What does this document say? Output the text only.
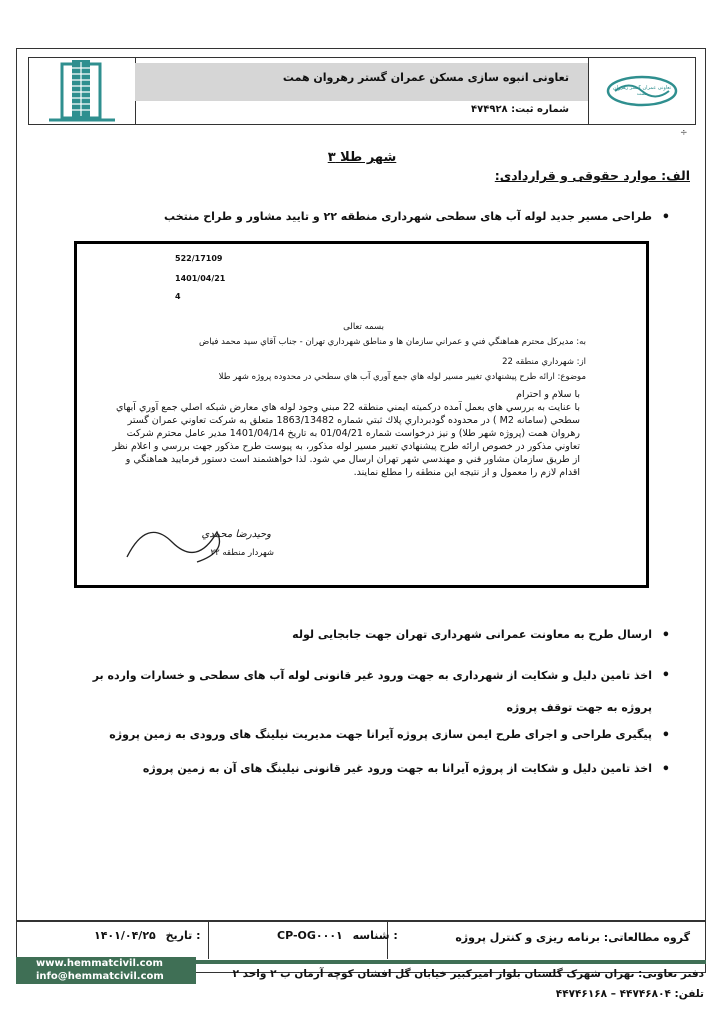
تعاونی انبوه سازی مسکن عمران گستر رهروان همت
شماره ثبت: ۴۷۴۹۲۸
تعاونی عمران گستر رهروان همت
÷
شهر طلا ۳
الف: موارد حقوقی و قراردادی:
•
طراحی مسیر جدید لوله آب های سطحی شهرداری منطقه ۲۲ و تایید مشاور و طراح منتخب
522/17109
1401/04/21
4
بسمه تعالی
به: مديركل محترم هماهنگي فني و عمراني سازمان ها و مناطق شهرداري تهران - جناب آقاي سيد محمد فياض
از: شهرداري منطقه 22
موضوع: ارائه طرح پيشنهادي تغيير مسير لوله هاي جمع آوري آب هاي سطحي در محدوده پروژه شهر طلا
با سلام و احترام
با عنايت به بررسي هاي بعمل آمده دركميته ايمني منطقه 22 مبني وجود لوله هاي معارض شبكه اصلي جمع آوري آبهاي سطحي (سامانه M2 ) در محدوده گودبرداري پلاك ثبتي شماره 1863/13482 متعلق به شركت تعاوني عمران گستر رهروان همت (پروژه شهر طلا) و نيز درخواست شماره 01/04/21 به تاريخ 1401/04/14 مدير عامل محترم شركت تعاوني مذكور در خصوص ارائه طرح پيشنهادي تغيير مسير لوله مذكور، به پيوست طرح مذكور جهت بررسي و اعلام نظر از طريق سازمان مشاور فني و مهندسي شهر تهران ارسال مي شود. لذا خواهشمند است دستور فرماييد هماهنگي و اقدام لازم را معمول و از نتيجه اين منطقه را مطلع نمايند.
وحيدرضا محمدي
شهردار منطقه ٢٢
•
ارسال طرح به معاونت عمرانی شهرداری تهران جهت جابجایی لوله
•
اخذ تامین دلیل و شکایت از شهرداری به جهت ورود غیر قانونی لوله آب های سطحی و خسارات وارده بر پروژه به جهت توقف پروژه
•
پیگیری طراحی و اجرای طرح ایمن سازی پروژه آیرانا جهت مدیریت نیلینگ های ورودی به زمین پروژه
•
اخذ تامین دلیل و شکایت از پروژه آیرانا به جهت ورود غیر قانونی نیلینگ های آن به زمین پروژه
گروه مطالعاتی: برنامه ریزی و کنترل پروژه
CP-OG۰۰۰۱ شناسه :
۱۴۰۱/۰۴/۲۵ تاریخ :
www.hemmatcivil.com
info@hemmatcivil.com	دفتر تعاونی: تهران شهرک گلستان بلوار امیرکبیر خیابان گل افشان کوچه آرمان ب ۲ واحد ۲
تلفن: ۴۴۷۴۶۸۰۴ – ۴۴۷۴۶۱۶۸
